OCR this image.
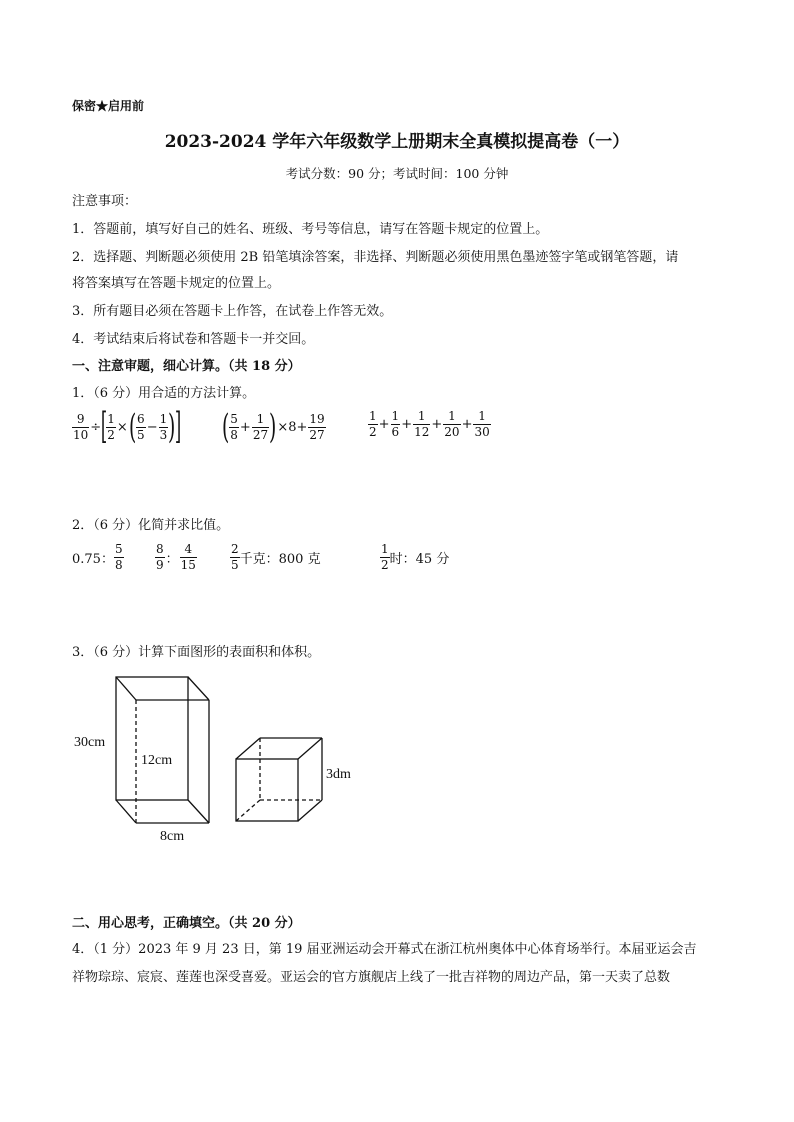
保密★启用前
2023-2024 学年六年级数学上册期末全真模拟提高卷（一）
考试分数：90 分；考试时间：100 分钟
注意事项：
1．答题前，填写好自己的姓名、班级、考号等信息，请写在答题卡规定的位置上。
2．选择题、判断题必须使用 2B 铅笔填涂答案，非选择、判断题必须使用黑色墨迹签字笔或钢笔答题，请
将答案填写在答题卡规定的位置上。
3．所有题目必须在答题卡上作答，在试卷上作答无效。
4．考试结束后将试卷和答题卡一并交回。
一、注意审题，细心计算。（共 18 分）
1．（6 分）用合适的方法计算。
$\frac{9}{10}$ ÷ [
$\frac{1}{2}$ × ( $\frac{6}{5} - \frac{1}{3}$ )
] ( $\frac{5}{8} + \frac{1}{27}$ ) $\times 8+ \frac{19}{27}$	$\frac{1}{2} + \frac{1}{6} + \frac{1}{12} + \frac{1}{20} + \frac{1}{30}$
2．（6 分）化简并求比值。
0.75： $\frac{5}{8}$	$\frac{8}{9}$ ： $\frac{4}{15}$	$\frac{2}{5}$ 千克：800 克	$\frac{1}{2}$ 时：45 分
3．（6 分）计算下面图形的表面积和体积。
30cm
12cm
8cm
3dm
二、用心思考，正确填空。（共 20 分）
4．（1 分）2023 年 9 月 23 日，第 19 届亚洲运动会开幕式在浙江杭州奥体中心体育场举行。本届亚运会吉
祥物琮琮、宸宸、莲莲也深受喜爱。亚运会的官方旗舰店上线了一批吉祥物的周边产品，第一天卖了总数
